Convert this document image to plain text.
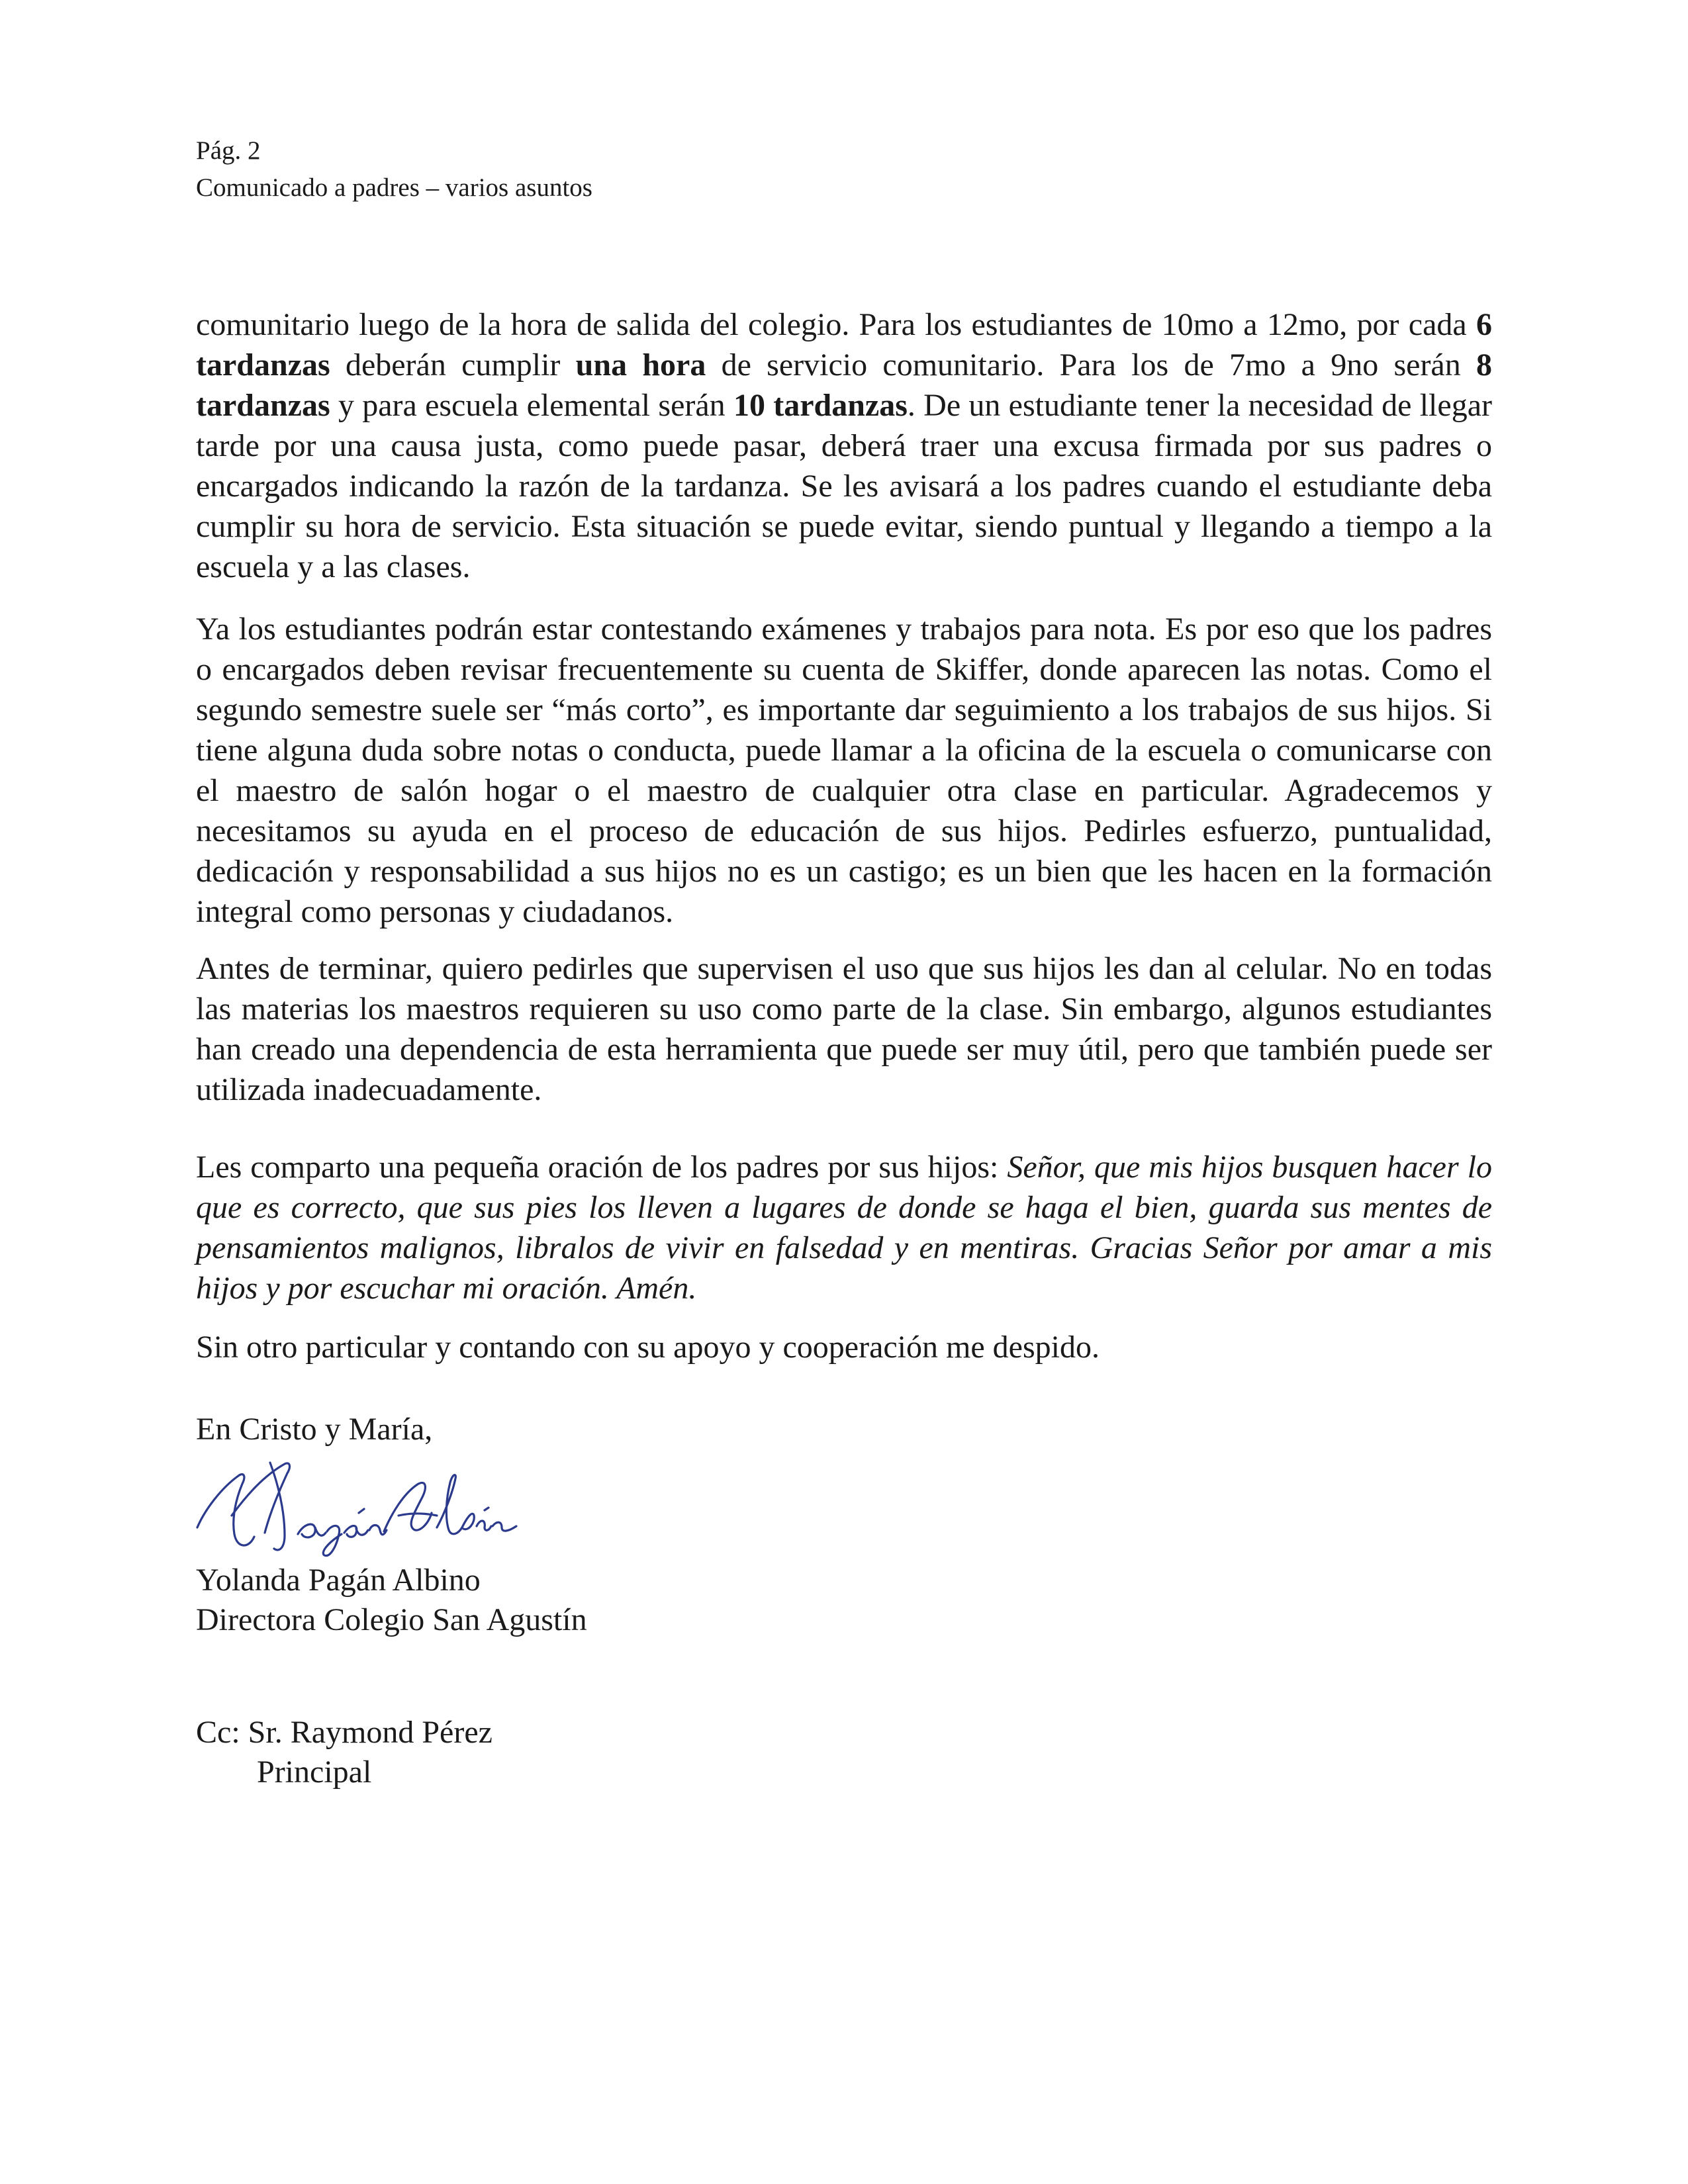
Pág. 2
Comunicado a padres – varios asuntos

comunitario luego de la hora de salida del colegio. Para los estudiantes de 10mo a 12mo, por cada 6 tardanzas deberán cumplir una hora de servicio comunitario. Para los de 7mo a 9no serán 8 tardanzas y para escuela elemental serán 10 tardanzas. De un estudiante tener la necesidad de llegar tarde por una causa justa, como puede pasar, deberá traer una excusa firmada por sus padres o encargados indicando la razón de la tardanza. Se les avisará a los padres cuando el estudiante deba cumplir su hora de servicio. Esta situación se puede evitar, siendo puntual y llegando a tiempo a la escuela y a las clases.

Ya los estudiantes podrán estar contestando exámenes y trabajos para nota. Es por eso que los padres o encargados deben revisar frecuentemente su cuenta de Skiffer, donde aparecen las notas. Como el segundo semestre suele ser “más corto”, es importante dar seguimiento a los trabajos de sus hijos. Si tiene alguna duda sobre notas o conducta, puede llamar a la oficina de la escuela o comunicarse con el maestro de salón hogar o el maestro de cualquier otra clase en particular. Agradecemos y necesitamos su ayuda en el proceso de educación de sus hijos. Pedirles esfuerzo, puntualidad, dedicación y responsabilidad a sus hijos no es un castigo; es un bien que les hacen en la formación integral como personas y ciudadanos.

Antes de terminar, quiero pedirles que supervisen el uso que sus hijos les dan al celular. No en todas las materias los maestros requieren su uso como parte de la clase. Sin embargo, algunos estudiantes han creado una dependencia de esta herramienta que puede ser muy útil, pero que también puede ser utilizada inadecuadamente.

Les comparto una pequeña oración de los padres por sus hijos: Señor, que mis hijos busquen hacer lo que es correcto, que sus pies los lleven a lugares de donde se haga el bien, guarda sus mentes de pensamientos malignos, libralos de vivir en falsedad y en mentiras. Gracias Señor por amar a mis hijos y por escuchar mi oración. Amén.

Sin otro particular y contando con su apoyo y cooperación me despido.

En Cristo y María,
Yolanda Pagán Albino
Directora Colegio San Agustín
Cc: Sr. Raymond Pérez
Principal
